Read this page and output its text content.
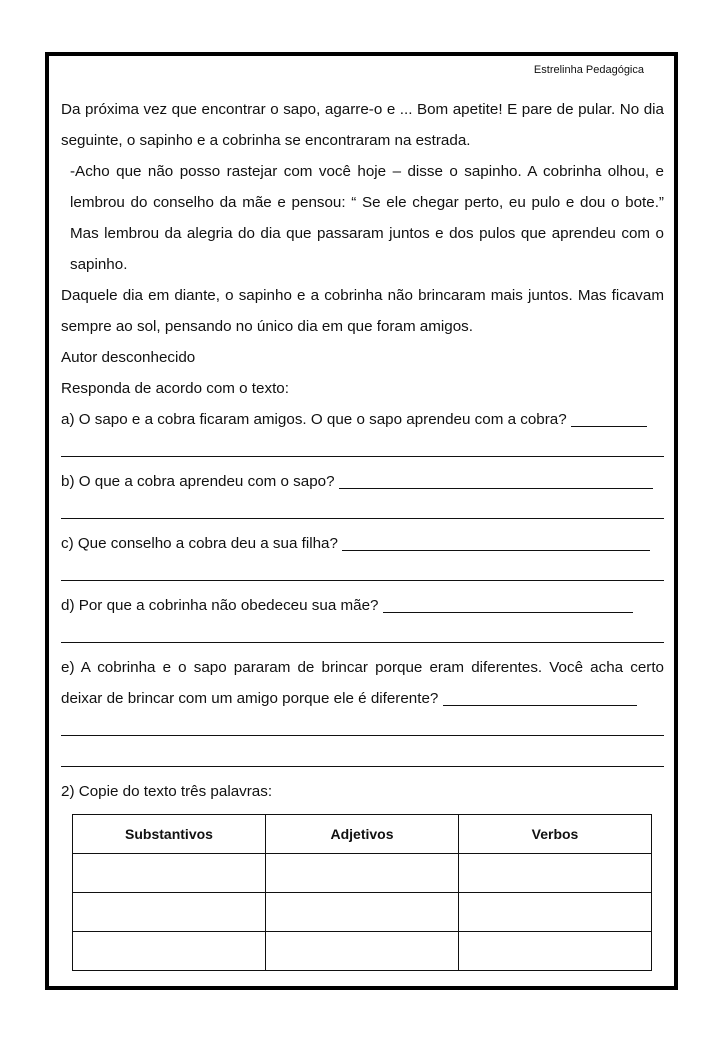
Estrelinha Pedagógica

Da próxima vez que encontrar o sapo, agarre-o e ... Bom apetite! E pare de pular. No dia seguinte, o sapinho e a cobrinha se encontraram na estrada.

-Acho que não posso rastejar com você hoje – disse o sapinho. A cobrinha olhou, e lembrou do conselho da mãe e pensou: “ Se ele chegar perto, eu pulo e dou o bote.” Mas lembrou da alegria do dia que passaram juntos e dos pulos que aprendeu com o sapinho.

Daquele dia em diante, o sapinho e a cobrinha não brincaram mais juntos. Mas ficavam sempre ao sol, pensando no único dia em que foram amigos.

Autor desconhecido

Responda de acordo com o texto:

a) O sapo e a cobra ficaram amigos. O que o sapo aprendeu com a cobra?

b) O que a cobra aprendeu com o sapo?

c) Que conselho a cobra deu a sua filha?

d) Por que a cobrinha não obedeceu sua mãe?

e) A cobrinha e o sapo pararam de brincar porque eram diferentes. Você acha certo deixar de brincar com um amigo porque ele é diferente?

2) Copie do texto três palavras:

Substantivos	Adjetivos	Verbos
